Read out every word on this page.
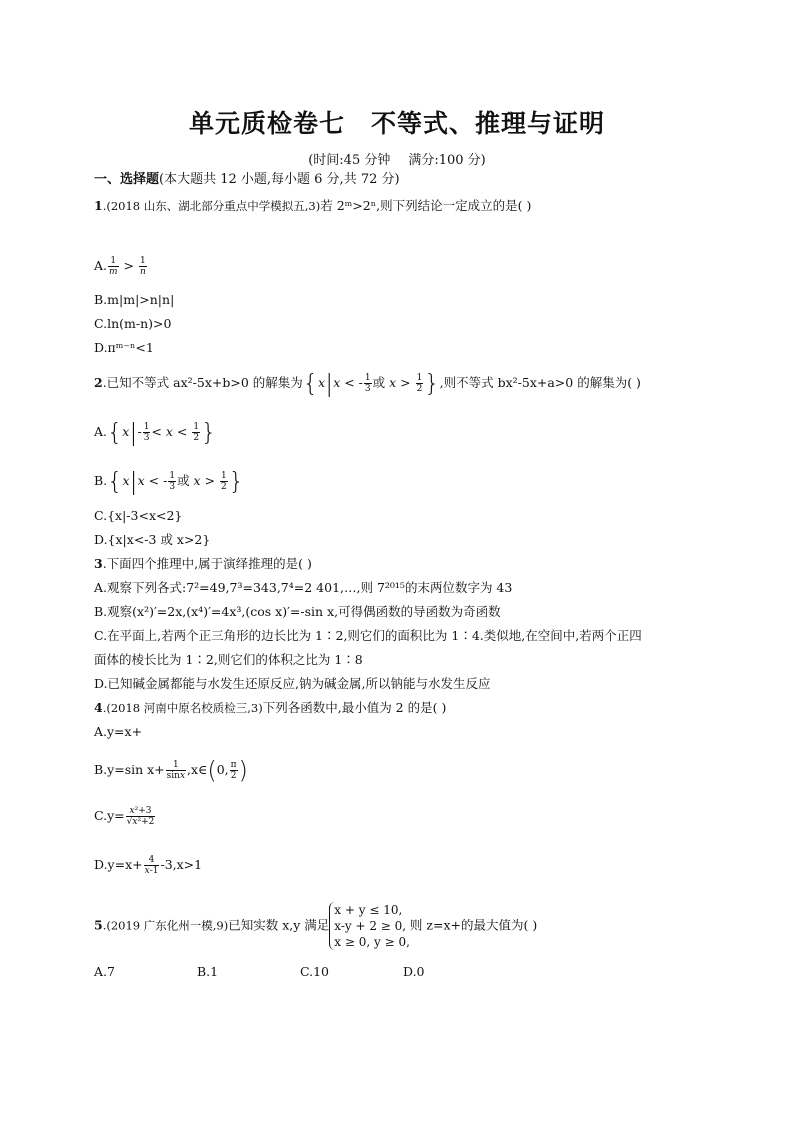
单元质检卷七 不等式、推理与证明
(时间:45 分钟 满分:100 分)
一、选择题(本大题共 12 小题,每小题 6 分,共 72 分)
1.(2018 山东、湖北部分重点中学模拟五,3)若 2ᵐ>2ⁿ,则下列结论一定成立的是( )
A. $\frac{1}{m} > \frac{1}{n}$
B.m|m|>n|n|
C.ln(m-n)>0
D.πᵐ⁻ⁿ<1
2.已知不等式 ax²-5x+b>0 的解集为{x|x < - $\frac{1}{3}$ 或 $x > \frac{1}{2}$ },则不等式 bx²-5x+a>0 的解集为( )
$A.\{x|- \frac{1}{3} < x < \frac{1}{2}$ }
B.{x|x < - $\frac{1}{3}$ 或 $x > \frac{1}{2}$ }
C.{x|-3<x<2}
D.{x|x<-3 或 x>2}
3.下面四个推理中,属于演绎推理的是( )
A.观察下列各式:7²=49,7³=343,7⁴=2 401,…,则 7²⁰¹⁵的末两位数字为 43
B.观察(x²)′=2x,(x⁴)′=4x³,(cos x)′=-sin x,可得偶函数的导函数为奇函数
C.在平面上,若两个正三角形的边长比为 1∶2,则它们的面积比为 1∶4.类似地,在空间中,若两个正四
面体的棱长比为 1∶2,则它们的体积之比为 1∶8
D.已知碱金属都能与水发生还原反应,钠为碱金属,所以钠能与水发生反应
4.(2018 河南中原名校质检三,3)下列各函数中,最小值为 2 的是( )
A.y=x+
B.y=sin $x+ \frac{1}{\sin x}$ ,x∈(0, $\frac{\pi}{2}$ )
$C.y= \frac{\text{x²+3}}{\text{√x²+2}}$
$D.y=x+ \frac{4}{x-1} -3,x>1$
5.(2019 广东化州一模,9)已知实数 x,y 满足
x + y ≤ 10,
x-y + 2 ≥ 0,
x ≥ 0, y ≥ 0,
则 z=x+的最大值为( )
A.7	B.1	C.10	D.0
